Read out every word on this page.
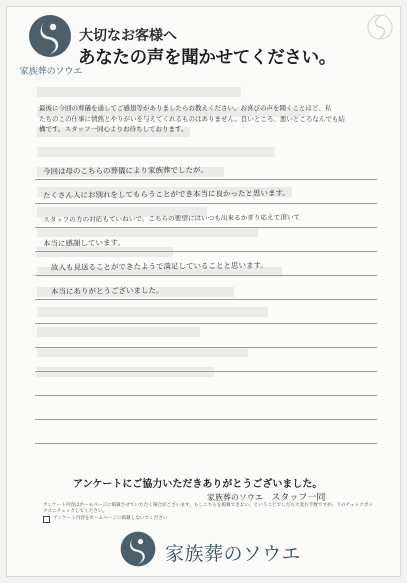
家族葬のソウエ
大切なお客様へ
あなたの声を聞かせてください。

最後に今回の葬儀を通してご感想等がありましたらお教えください。お喜びの声を聞くことほど、私

たちのこの仕事に情熱とやりがいを与えてくれるものはありません。良いところ、悪いところなんでも結

構です。スタッフ一同心よりお待ちしております。

今回は母のこちらの葬儀により家族葬でしたが、
たくさん人にお別れをしてもらうことができ本当に良かったと思います。
スタッフの方の対応もていねいで、こちらの要望にはいつも出来るかぎり応えて頂いて
本当に感謝しています。
故人も見送ることができたようで満足していることと思います。
本当にありがとうございました。
アンケートにご協力いただきありがとうございました。
家族葬のソウエ スタッフ一同

アンケート内容はホームページに掲載させていただく場合がございます。もしこちらを掲載できない、ということでしたら大変お手数ですが、下のチェックボックスにチェックしてください。

アンケート内容をホームページに掲載しないでください
家族葬のソウエ
